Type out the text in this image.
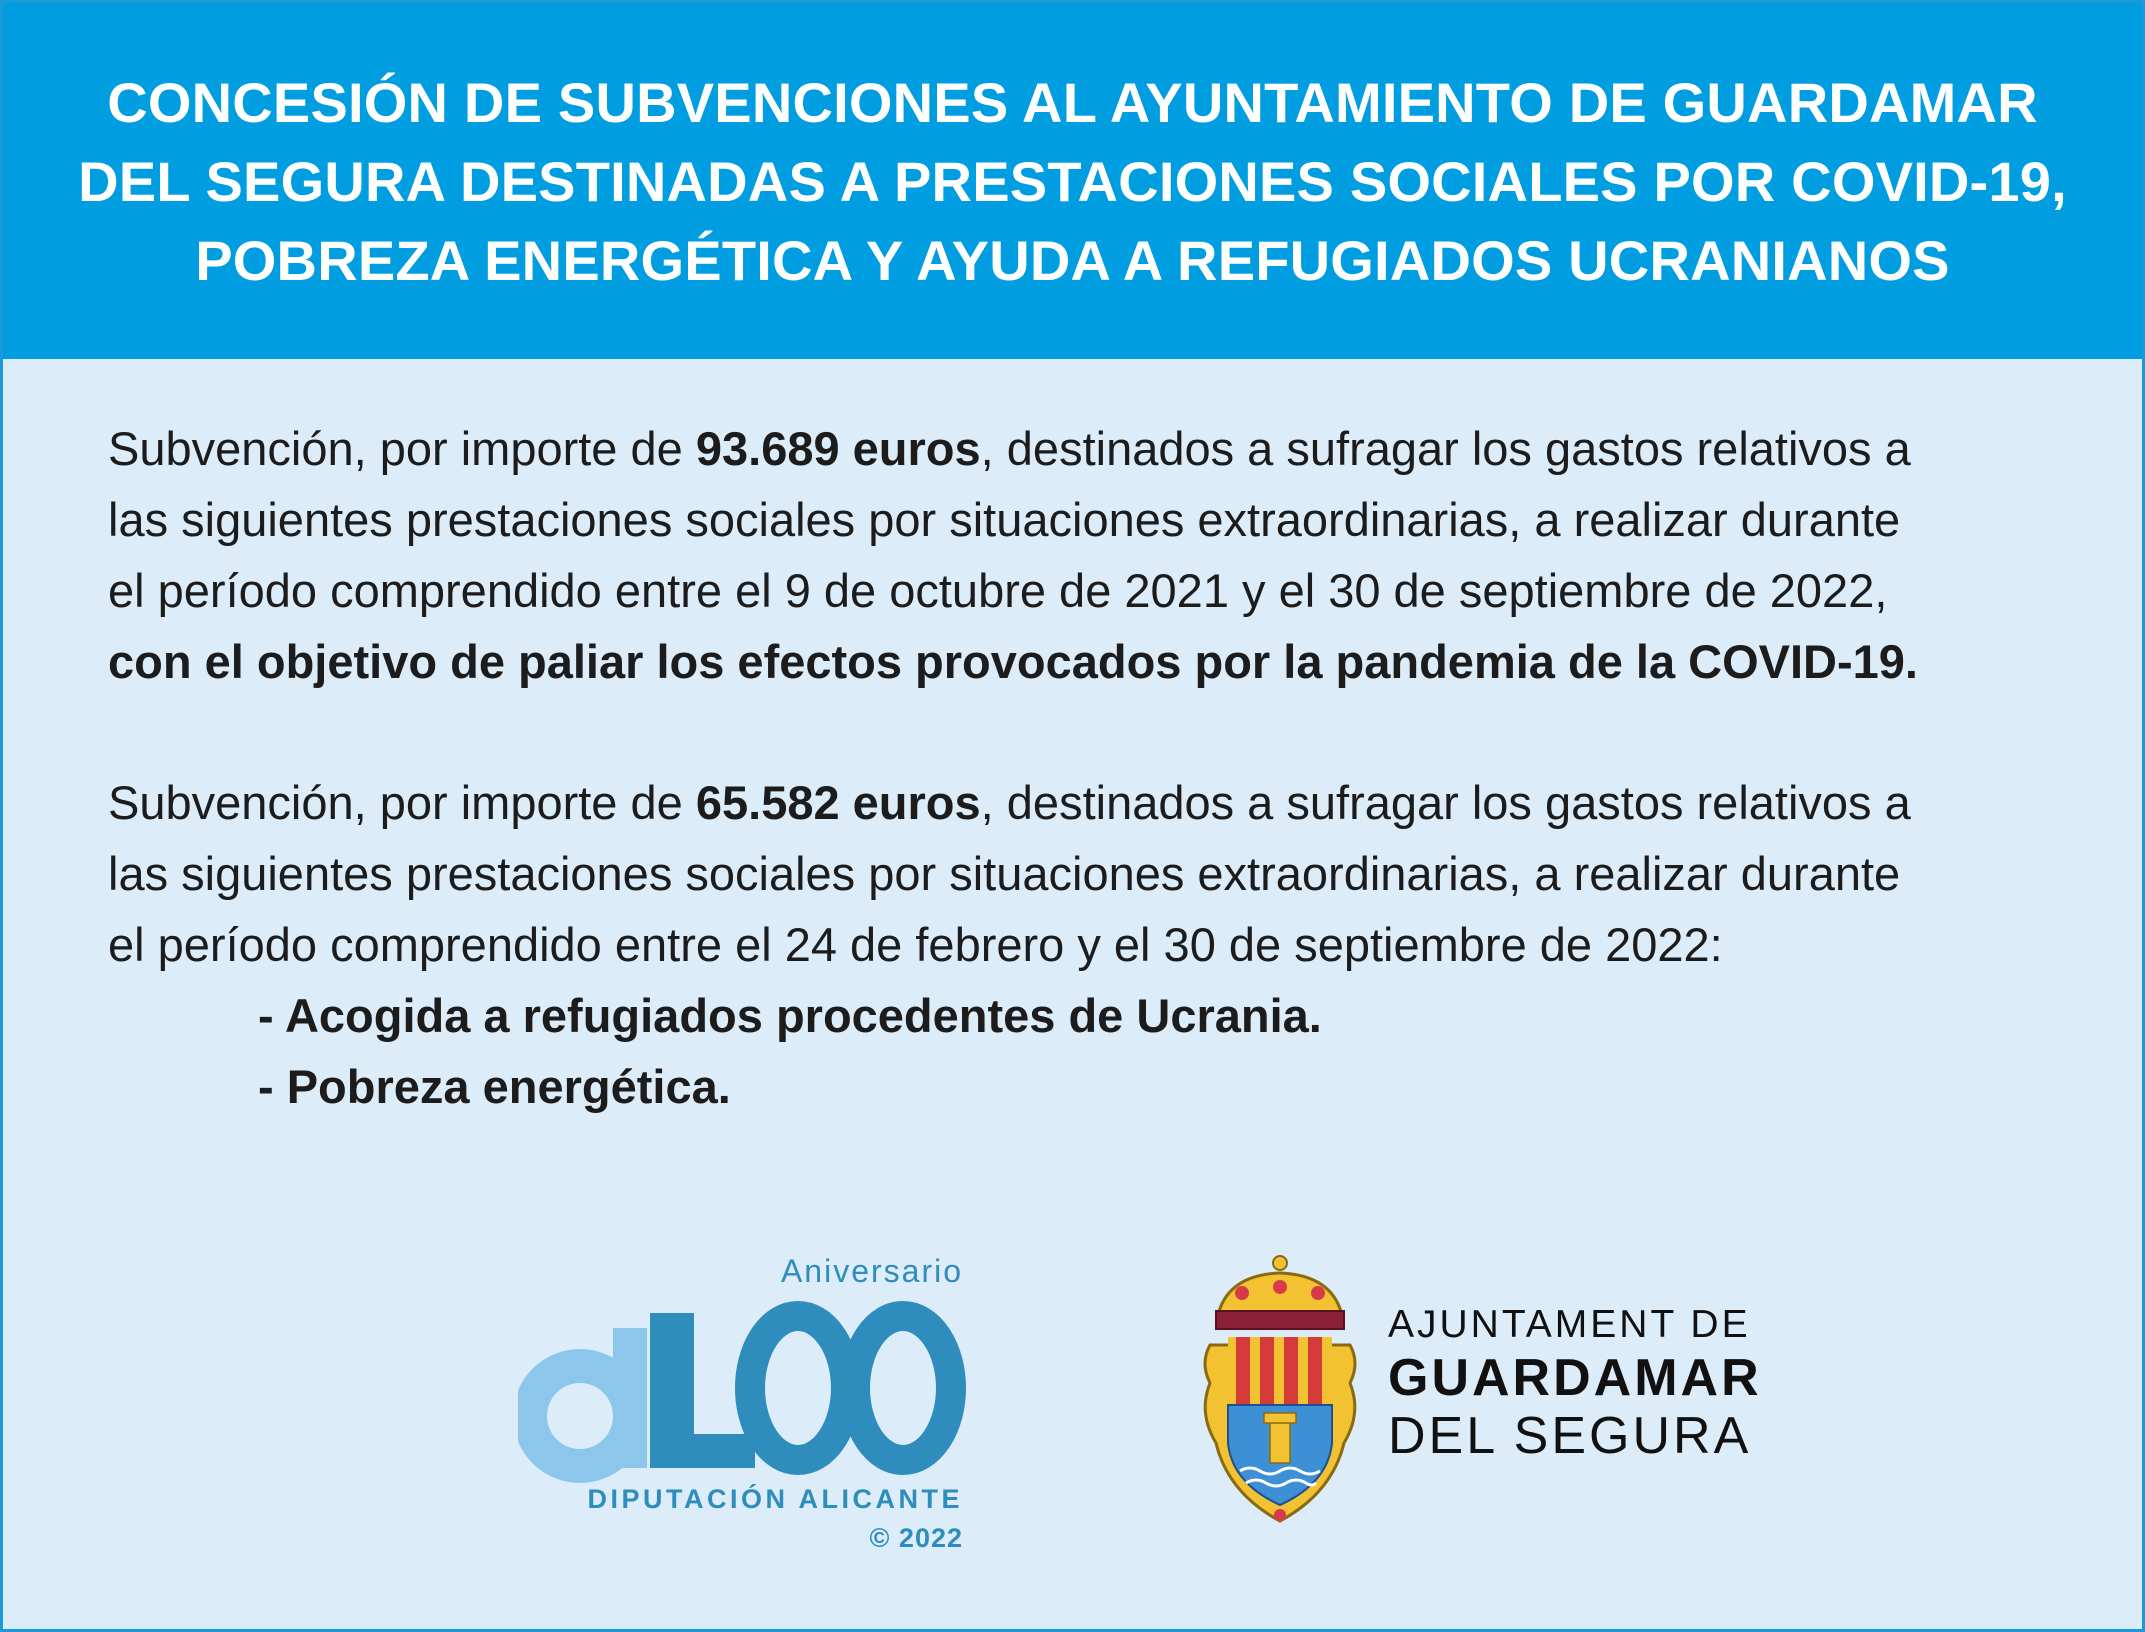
CONCESIÓN DE SUBVENCIONES AL AYUNTAMIENTO DE GUARDAMAR
DEL SEGURA DESTINADAS A PRESTACIONES SOCIALES POR COVID-19,
POBREZA ENERGÉTICA Y AYUDA A REFUGIADOS UCRANIANOS
Subvención, por importe de 93.689 euros, destinados a sufragar los gastos relativos a
las siguientes prestaciones sociales por situaciones extraordinarias, a realizar durante
el período comprendido entre el 9 de octubre de 2021 y el 30 de septiembre de 2022,
con el objetivo de paliar los efectos provocados por la pandemia de la COVID-19.
Subvención, por importe de 65.582 euros, destinados a sufragar los gastos relativos a
las siguientes prestaciones sociales por situaciones extraordinarias, a realizar durante
el período comprendido entre el 24 de febrero y el 30 de septiembre de 2022:
- Acogida a refugiados procedentes de Ucrania.
- Pobreza energética.
Aniversario
DIPUTACIÓN ALICANTE
© 2022
AJUNTAMENT DE
GUARDAMAR
DEL SEGURA
